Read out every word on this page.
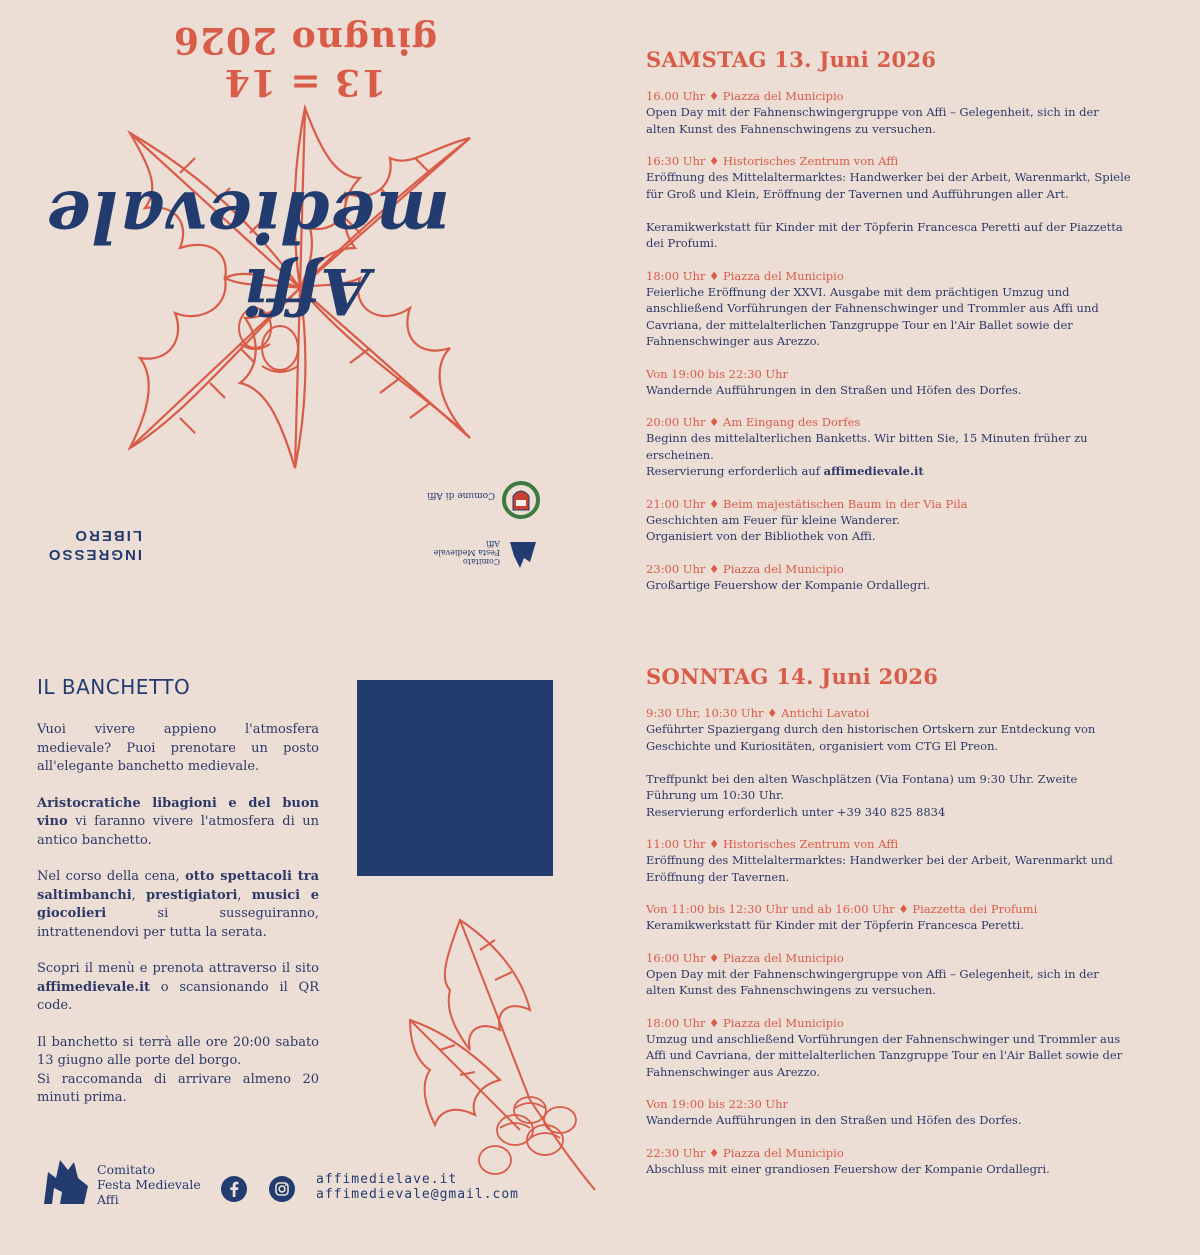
13 = 14 giugno 2026
Affi
medievale
INGRESSO
LIBERO
Comune di Affi
Comitato
Festa Medievale
Affi
SAMSTAG 13. Juni 2026
16.00 Uhr ♦ Piazza del Municipio
Open Day mit der Fahnenschwingergruppe von Affi – Gelegenheit, sich in der
alten Kunst des Fahnenschwingens zu versuchen.
16:30 Uhr ♦ Historisches Zentrum von Affi
Eröffnung des Mittelaltermarktes: Handwerker bei der Arbeit, Warenmarkt, Spiele
für Groß und Klein, Eröffnung der Tavernen und Aufführungen aller Art.
Keramikwerkstatt für Kinder mit der Töpferin Francesca Peretti auf der Piazzetta
dei Profumi.
18:00 Uhr ♦ Piazza del Municipio
Feierliche Eröffnung der XXVI. Ausgabe mit dem prächtigen Umzug und
anschließend Vorführungen der Fahnenschwinger und Trommler aus Affi und
Cavriana, der mittelalterlichen Tanzgruppe Tour en l'Air Ballet sowie der
Fahnenschwinger aus Arezzo.
Von 19:00 bis 22:30 Uhr
Wandernde Aufführungen in den Straßen und Höfen des Dorfes.
20:00 Uhr ♦ Am Eingang des Dorfes
Beginn des mittelalterlichen Banketts. Wir bitten Sie, 15 Minuten früher zu
erscheinen.
Reservierung erforderlich auf affimedievale.it
21:00 Uhr ♦ Beim majestätischen Baum in der Via Pila
Geschichten am Feuer für kleine Wanderer.
Organisiert von der Bibliothek von Affi.
23:00 Uhr ♦ Piazza del Municipio
Großartige Feuershow der Kompanie Ordallegri.
SONNTAG 14. Juni 2026
9:30 Uhr, 10:30 Uhr ♦ Antichi Lavatoi
Geführter Spaziergang durch den historischen Ortskern zur Entdeckung von
Geschichte und Kuriositäten, organisiert vom CTG El Preon.
Treffpunkt bei den alten Waschplätzen (Via Fontana) um 9:30 Uhr. Zweite
Führung um 10:30 Uhr.
Reservierung erforderlich unter +39 340 825 8834
11:00 Uhr ♦ Historisches Zentrum von Affi
Eröffnung des Mittelaltermarktes: Handwerker bei der Arbeit, Warenmarkt und
Eröffnung der Tavernen.
Von 11:00 bis 12:30 Uhr und ab 16:00 Uhr ♦ Piazzetta dei Profumi
Keramikwerkstatt für Kinder mit der Töpferin Francesca Peretti.
16:00 Uhr ♦ Piazza del Municipio
Open Day mit der Fahnenschwingergruppe von Affi – Gelegenheit, sich in der
alten Kunst des Fahnenschwingens zu versuchen.
18:00 Uhr ♦ Piazza del Municipio
Umzug und anschließend Vorführungen der Fahnenschwinger und Trommler aus
Affi und Cavriana, der mittelalterlichen Tanzgruppe Tour en l'Air Ballet sowie der
Fahnenschwinger aus Arezzo.
Von 19:00 bis 22:30 Uhr
Wandernde Aufführungen in den Straßen und Höfen des Dorfes.
22:30 Uhr ♦ Piazza del Municipio
Abschluss mit einer grandiosen Feuershow der Kompanie Ordallegri.
IL BANCHETTO

Vuoi vivere appieno l'atmosfera medievale? Puoi prenotare un posto all'elegante banchetto medievale.

Aristocratiche libagioni e del buon vino vi faranno vivere l'atmosfera di un antico banchetto.

Nel corso della cena, otto spettacoli tra saltimbanchi, prestigiatori, musici e giocolieri si susseguiranno, intrattenendovi per tutta la serata.

Scopri il menù e prenota attraverso il sito affimedievale.it o scansionando il QR code.

Il banchetto si terrà alle ore 20:00 sabato 13 giugno alle porte del borgo.

Si raccomanda di arrivare almeno 20 minuti prima.

Comitato
Festa Medievale
Affi
affimedielave.it
affimedievale@gmail.com
